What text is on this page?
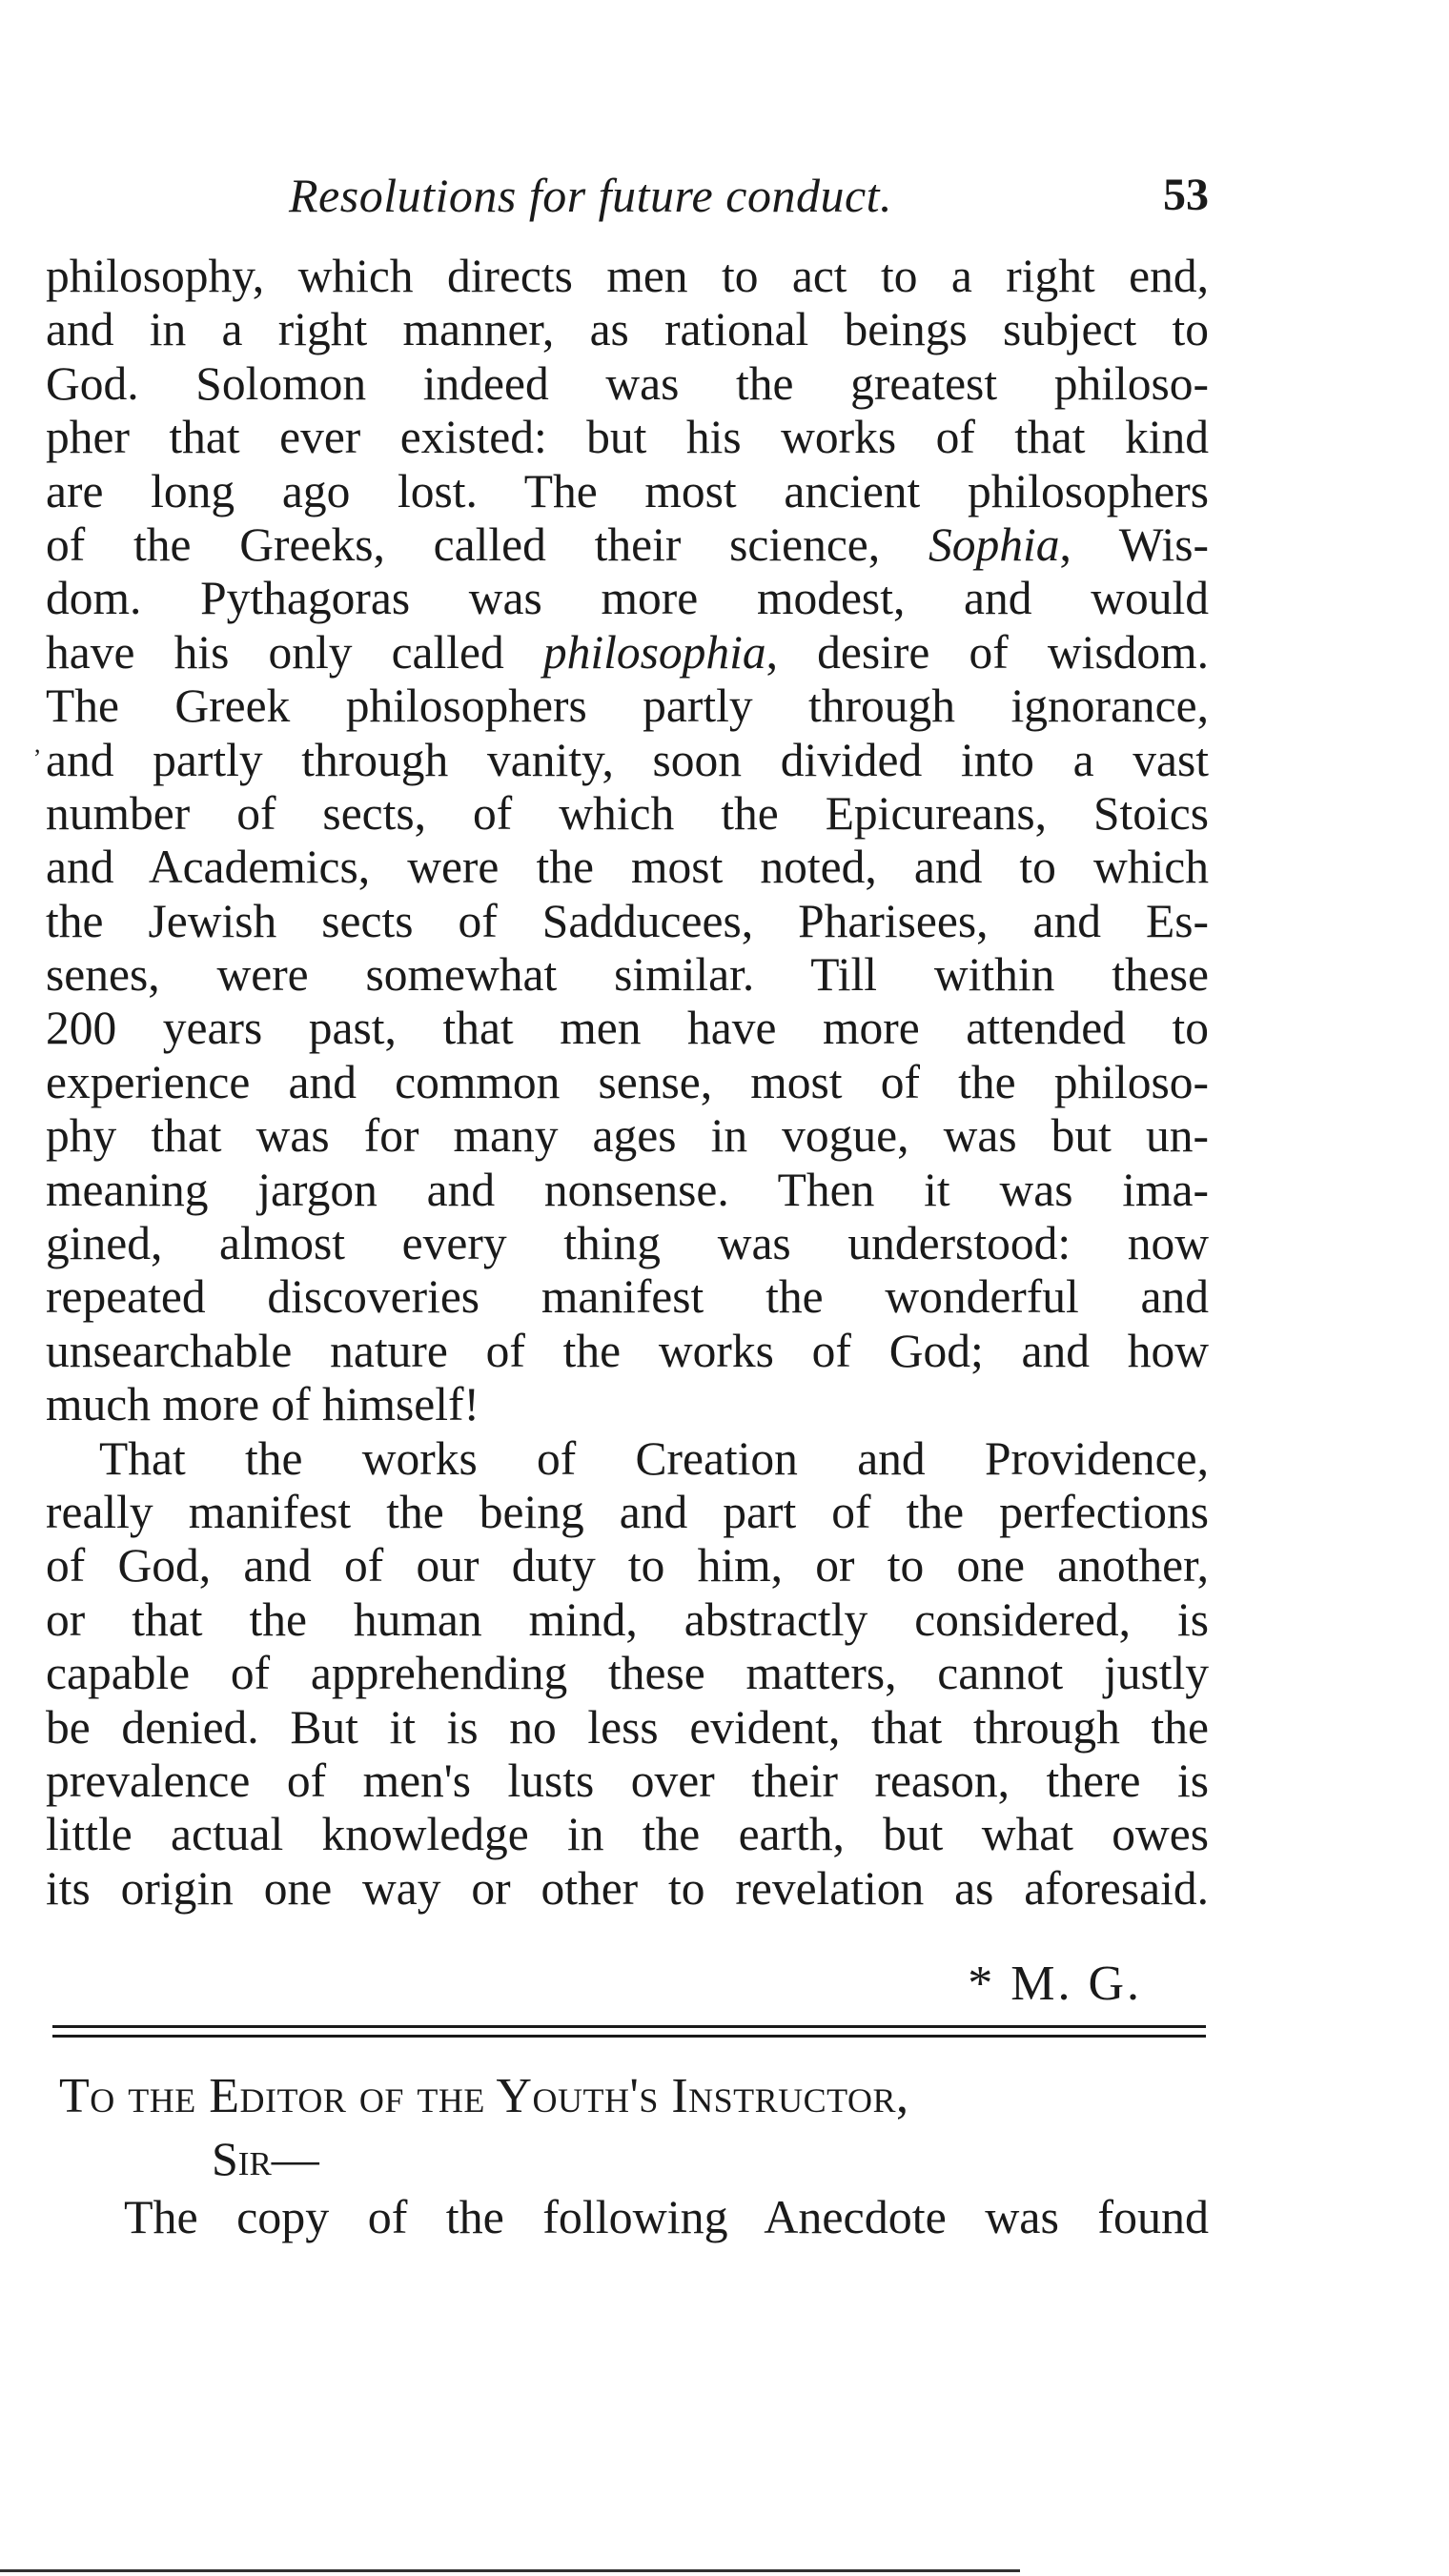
Resolutions for future conduct.	53
,
philosophy, which directs men to act to a right end,
and in a right manner, as rational beings subject to
God. Solomon indeed was the greatest philoso-
pher that ever existed: but his works of that kind
are long ago lost. The most ancient philosophers
of the Greeks, called their science, Sophia, Wis-
dom. Pythagoras was more modest, and would
have his only called philosophia, desire of wisdom.
The Greek philosophers partly through ignorance,
and partly through vanity, soon divided into a vast
number of sects, of which the Epicureans, Stoics
and Academics, were the most noted, and to which
the Jewish sects of Sadducees, Pharisees, and Es-
senes, were somewhat similar. Till within these
200 years past, that men have more attended to
experience and common sense, most of the philoso-
phy that was for many ages in vogue, was but un-
meaning jargon and nonsense. Then it was ima-
gined, almost every thing was understood: now
repeated discoveries manifest the wonderful and
unsearchable nature of the works of God; and how
much more of himself!
That the works of Creation and Providence,
really manifest the being and part of the perfections
of God, and of our duty to him, or to one another,
or that the human mind, abstractly considered, is
capable of apprehending these matters, cannot justly
be denied. But it is no less evident, that through the
prevalence of men's lusts over their reason, there is
little actual knowledge in the earth, but what owes
its origin one way or other to revelation as aforesaid.
* M. G.
To the Editor of the Youth's Instructor,
Sir—
The copy of the following Anecdote was found
